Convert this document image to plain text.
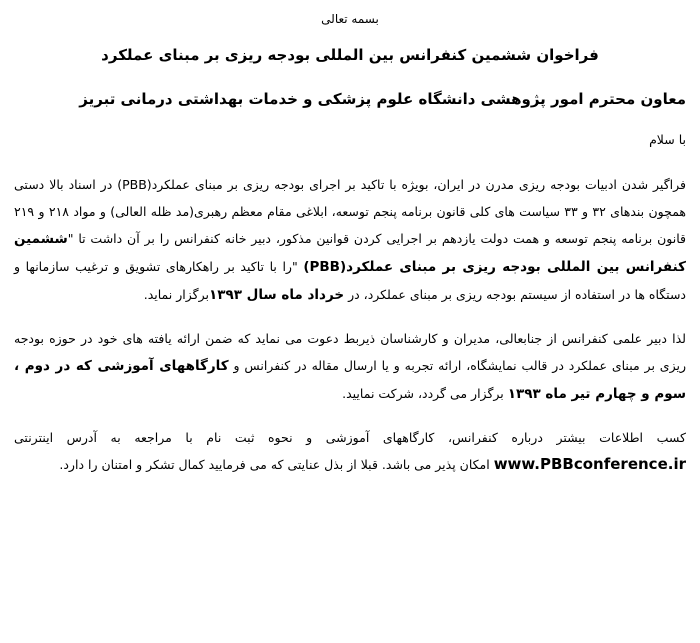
بسمه تعالی
فراخوان ششمین کنفرانس بین المللی بودجه ریزی بر مبنای عملکرد
معاون محترم امور پژوهشی دانشگاه علوم پزشکی و خدمات بهداشتی درمانی تبریز
با سلام

فراگیر شدن ادبیات بودجه ریزی مدرن در ایران، بویژه با تاکید بر اجرای بودجه ریزی بر مبنای عملکرد(PBB) در اسناد بالا دستی همچون بندهای ۳۲ و ۳۳ سیاست های کلی قانون برنامه پنجم توسعه، ابلاغی مقام معظم رهبری(مد ظله العالی) و مواد ۲۱۸ و ۲۱۹ قانون برنامه پنجم توسعه و همت دولت یازدهم بر اجرایی کردن قوانین مذکور، دبیر خانه کنفرانس را بر آن داشت تا "ششمین کنفرانس بین المللی بودجه ریزی بر مبنای عملکرد(PBB) "را با تاکید بر راهکارهای تشویق و ترغیب سازمانها و دستگاه ها در استفاده از سیستم بودجه ریزی بر مبنای عملکرد، در خرداد ماه سال ۱۳۹۳برگزار نماید.

لذا دبیر علمی کنفرانس از جنابعالی، مدیران و کارشناسان ذیربط دعوت می نماید که ضمن ارائه یافته های خود در حوزه بودجه ریزی بر مبنای عملکرد در قالب نمایشگاه، ارائه تجربه و یا ارسال مقاله در کنفرانس و کارگاههای آموزشی که در دوم ، سوم و چهارم تیر ماه ۱۳۹۳ برگزار می گردد، شرکت نمایید.

کسب اطلاعات بیشتر درباره کنفرانس، کارگاههای آموزشی و نحوه ثبت نام با مراجعه به آدرس اینترنتی www.PBBconference.ir امکان پذیر می باشد. قبلا از بذل عنایتی که می فرمایید کمال تشکر و امتنان را دارد.
